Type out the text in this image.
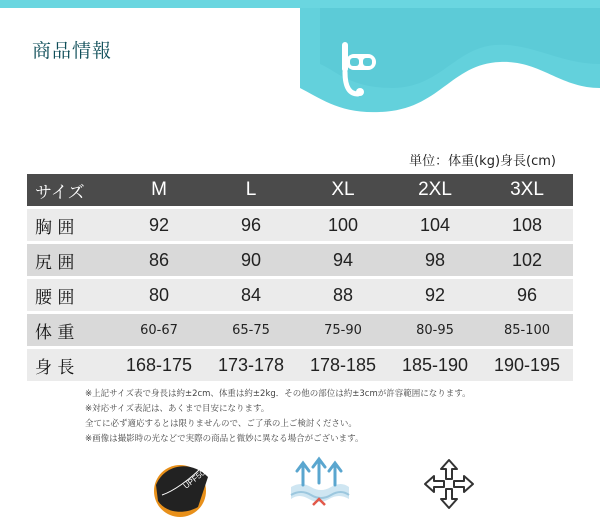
商品情報 PRODUCT INFORMATION
単位：体重(kg)身長(cm)
サイズ	M	L	XL	2XL	3XL
胸 囲	92	96	100	104	108
尻 囲	86	90	94	98	102
腰 囲	80	84	88	92	96
体 重	60-67	65-75	75-90	80-95	85-100
身 長	168-175	173-178	178-185	185-190	190-195
※上記サイズ表で身長は約±2cm、体重は約±2kg．その他の部位は約±3cmが許容範囲になります。
※対応サイズ表記は、あくまで目安になります。
全てに必ず適応するとは限りませんので、ご了承の上ご検討ください。
※画像は撮影時の光などで実際の商品と微妙に異なる場合がございます。
UPF50+
